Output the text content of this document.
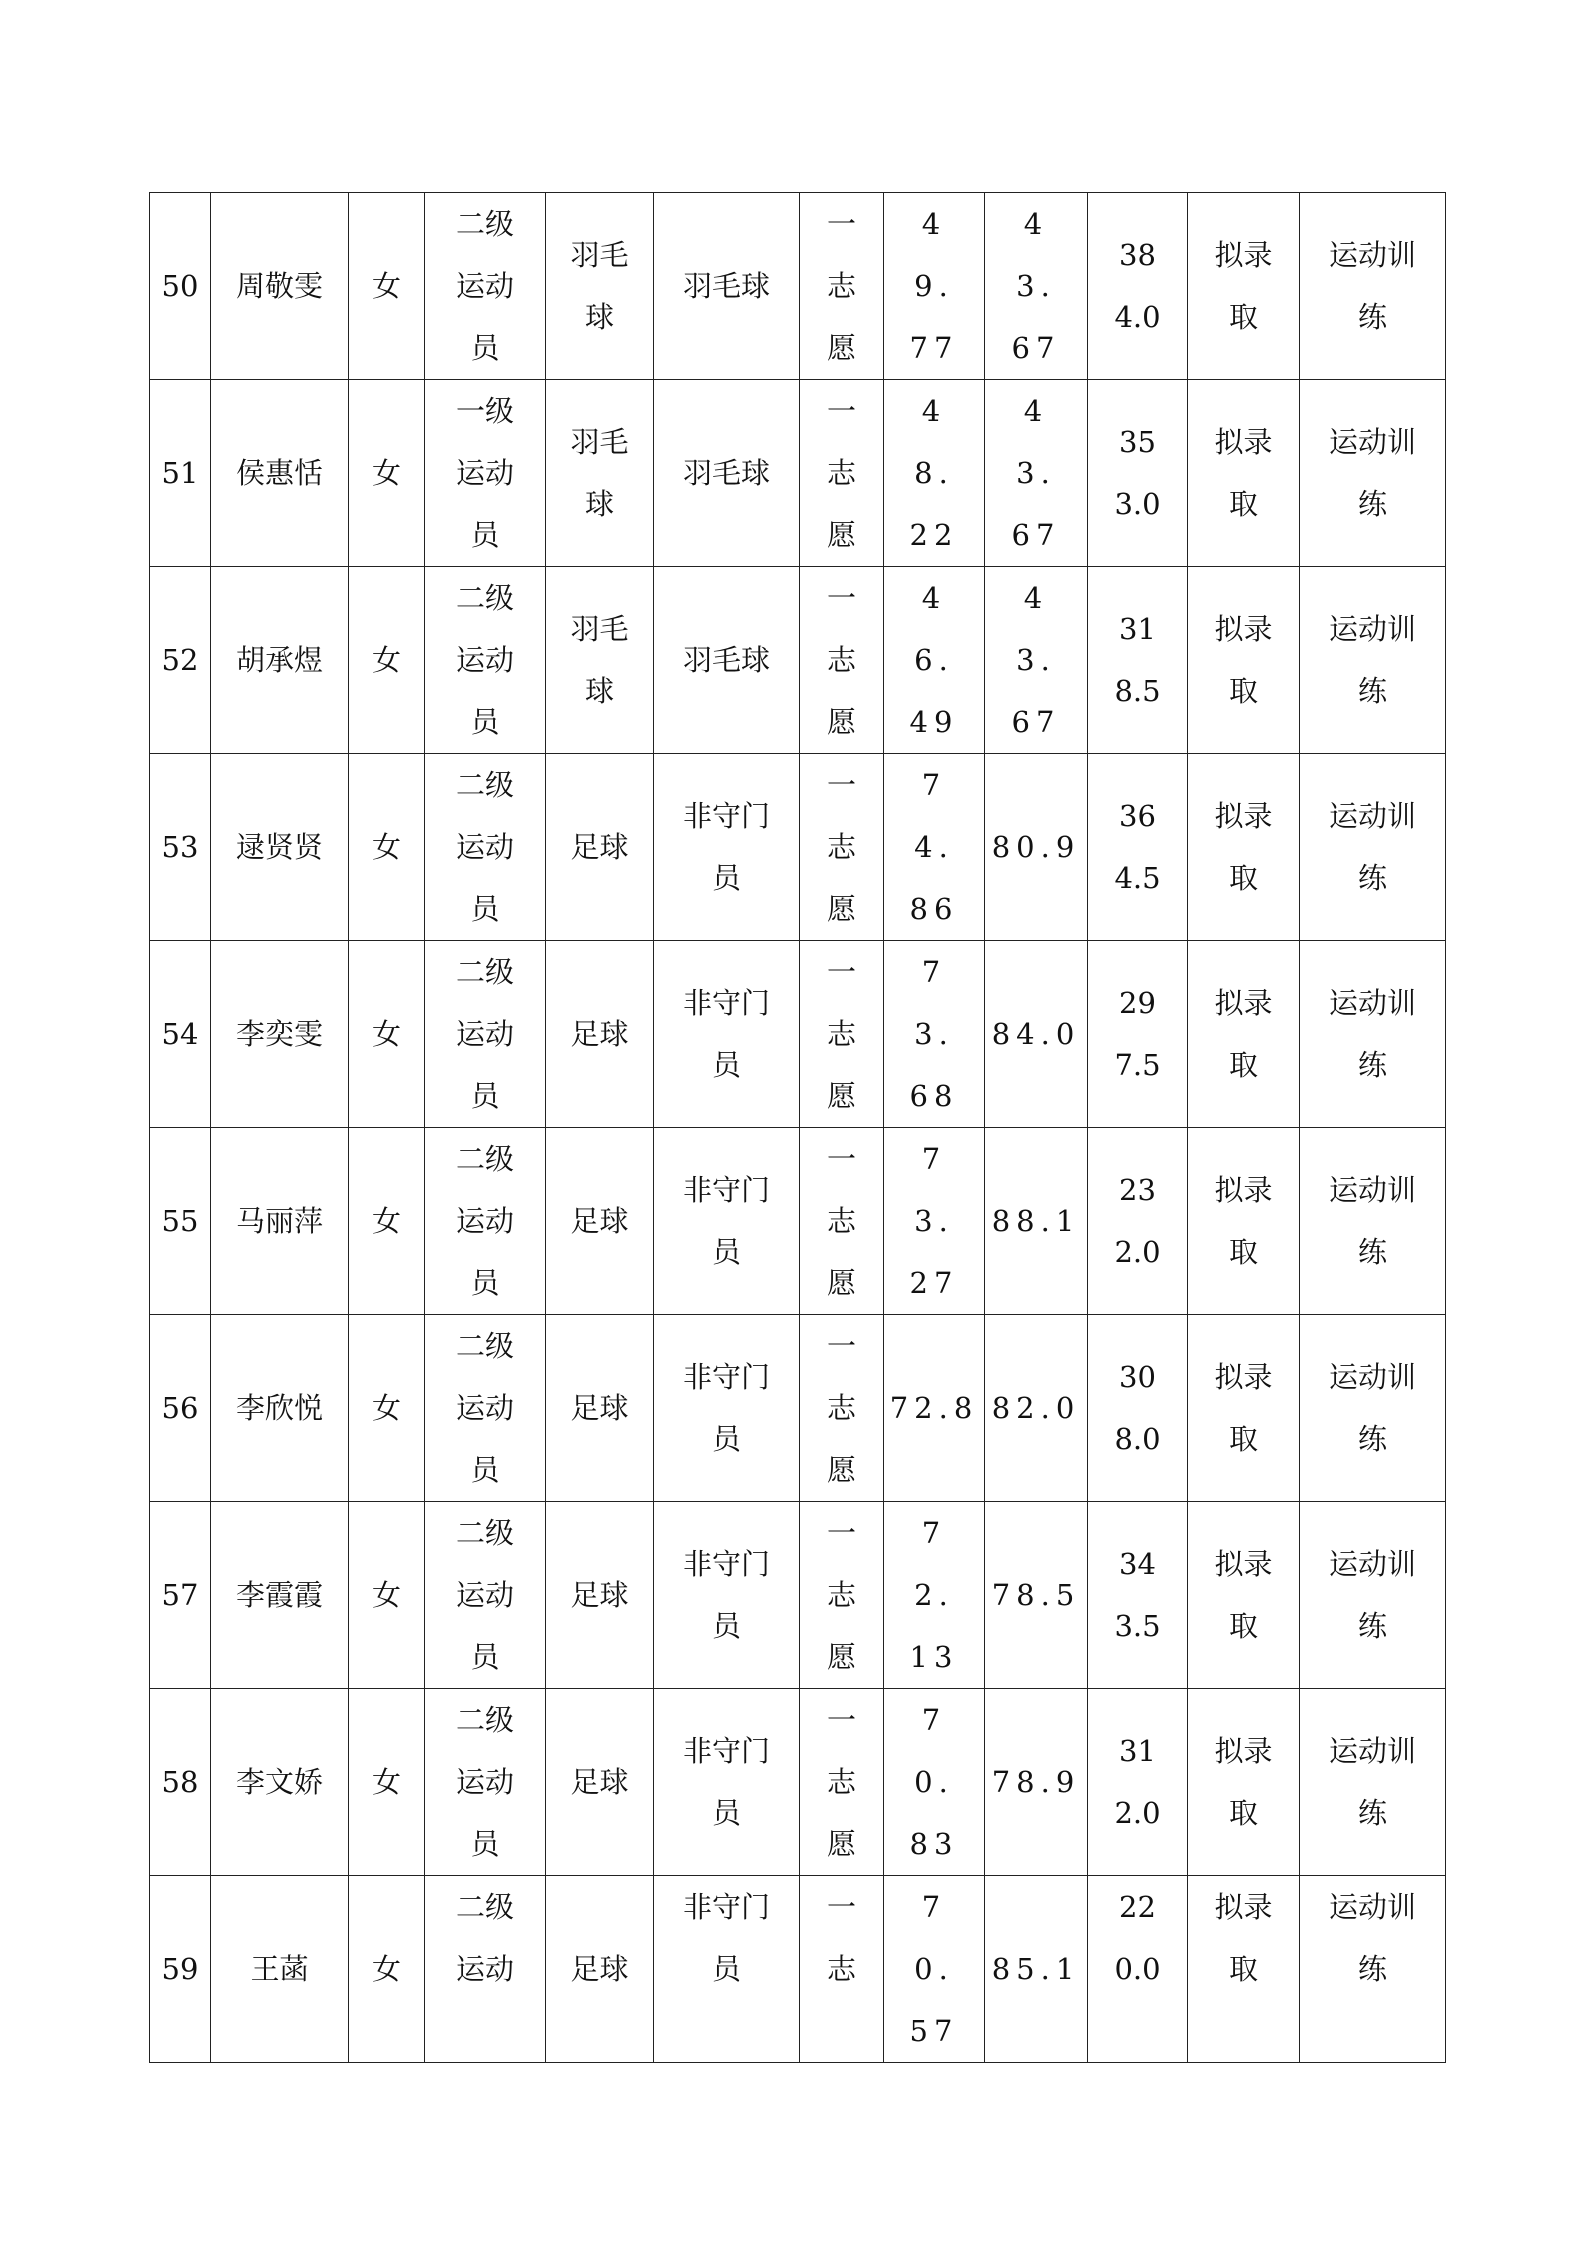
50	周敬雯	女	二级运动员	羽毛球	羽毛球	一志愿	49.77	43.67	384.0	拟录取	运动训练

51	侯惠恬	女	一级运动员	羽毛球	羽毛球	一志愿	48.22	43.67	353.0	拟录取	运动训练

52	胡承煜	女	二级运动员	羽毛球	羽毛球	一志愿	46.49	43.67	318.5	拟录取	运动训练

53	逯贤贤	女	二级运动员	足球	非守门员	一志愿	74.86	80.9	364.5	拟录取	运动训练

54	李奕雯	女	二级运动员	足球	非守门员	一志愿	73.68	84.0	297.5	拟录取	运动训练

55	马丽萍	女	二级运动员	足球	非守门员	一志愿	73.27	88.1	232.0	拟录取	运动训练

56	李欣悦	女	二级运动员	足球	非守门员	一志愿	72.8	82.0	308.0	拟录取	运动训练

57	李霞霞	女	二级运动员	足球	非守门员	一志愿	72.13	78.5	343.5	拟录取	运动训练

58	李文娇	女	二级运动员	足球	非守门员	一志愿	70.83	78.9	312.0	拟录取	运动训练

59	王菡	女	二级运动	足球	非守门员	一志	70.57	85.1	220.0	拟录取	运动训练
